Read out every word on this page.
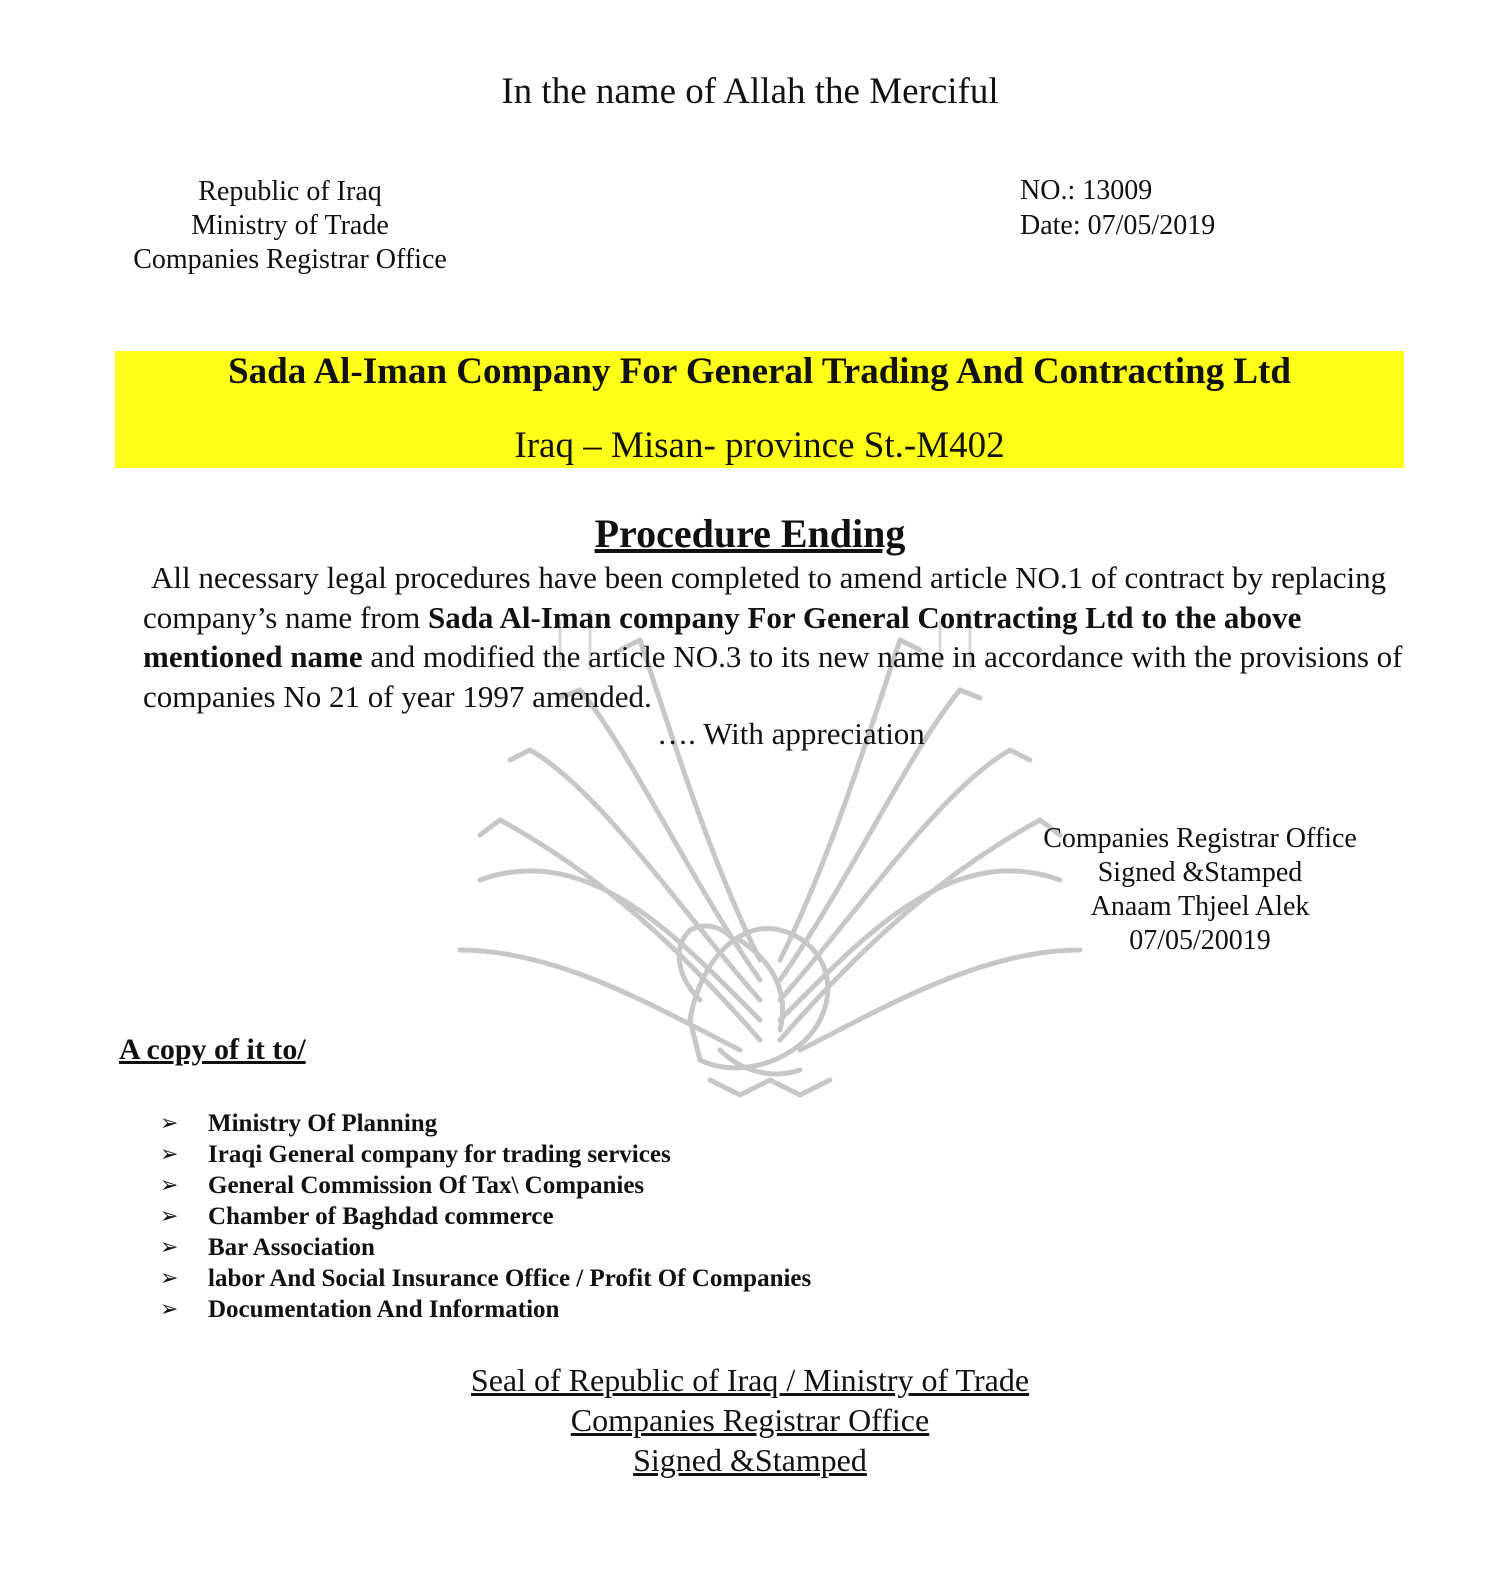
In the name of Allah the Merciful
Republic of Iraq
Ministry of Trade
Companies Registrar Office
NO.: 13009
Date: 07/05/2019
Sada Al-Iman Company For General Trading And Contracting Ltd
Iraq – Misan- province St.-M402
Procedure Ending
All necessary legal procedures have been completed to amend article NO.1 of contract by replacing company’s name from Sada Al-Iman company For General Contracting Ltd to the above mentioned name and modified the article NO.3 to its new name in accordance with the provisions of companies No 21 of year 1997 amended.
…. With appreciation
Companies Registrar Office
Signed &Stamped
Anaam Thjeel Alek
07/05/20019
A copy of it to/
➢	Ministry Of Planning
➢	Iraqi General company for trading services
➢	General Commission Of Tax\ Companies
➢	Chamber of Baghdad commerce
➢	Bar Association
➢	labor And Social Insurance Office / Profit Of Companies
➢	Documentation And Information
Seal of Republic of Iraq / Ministry of Trade
Companies Registrar Office
Signed &Stamped
